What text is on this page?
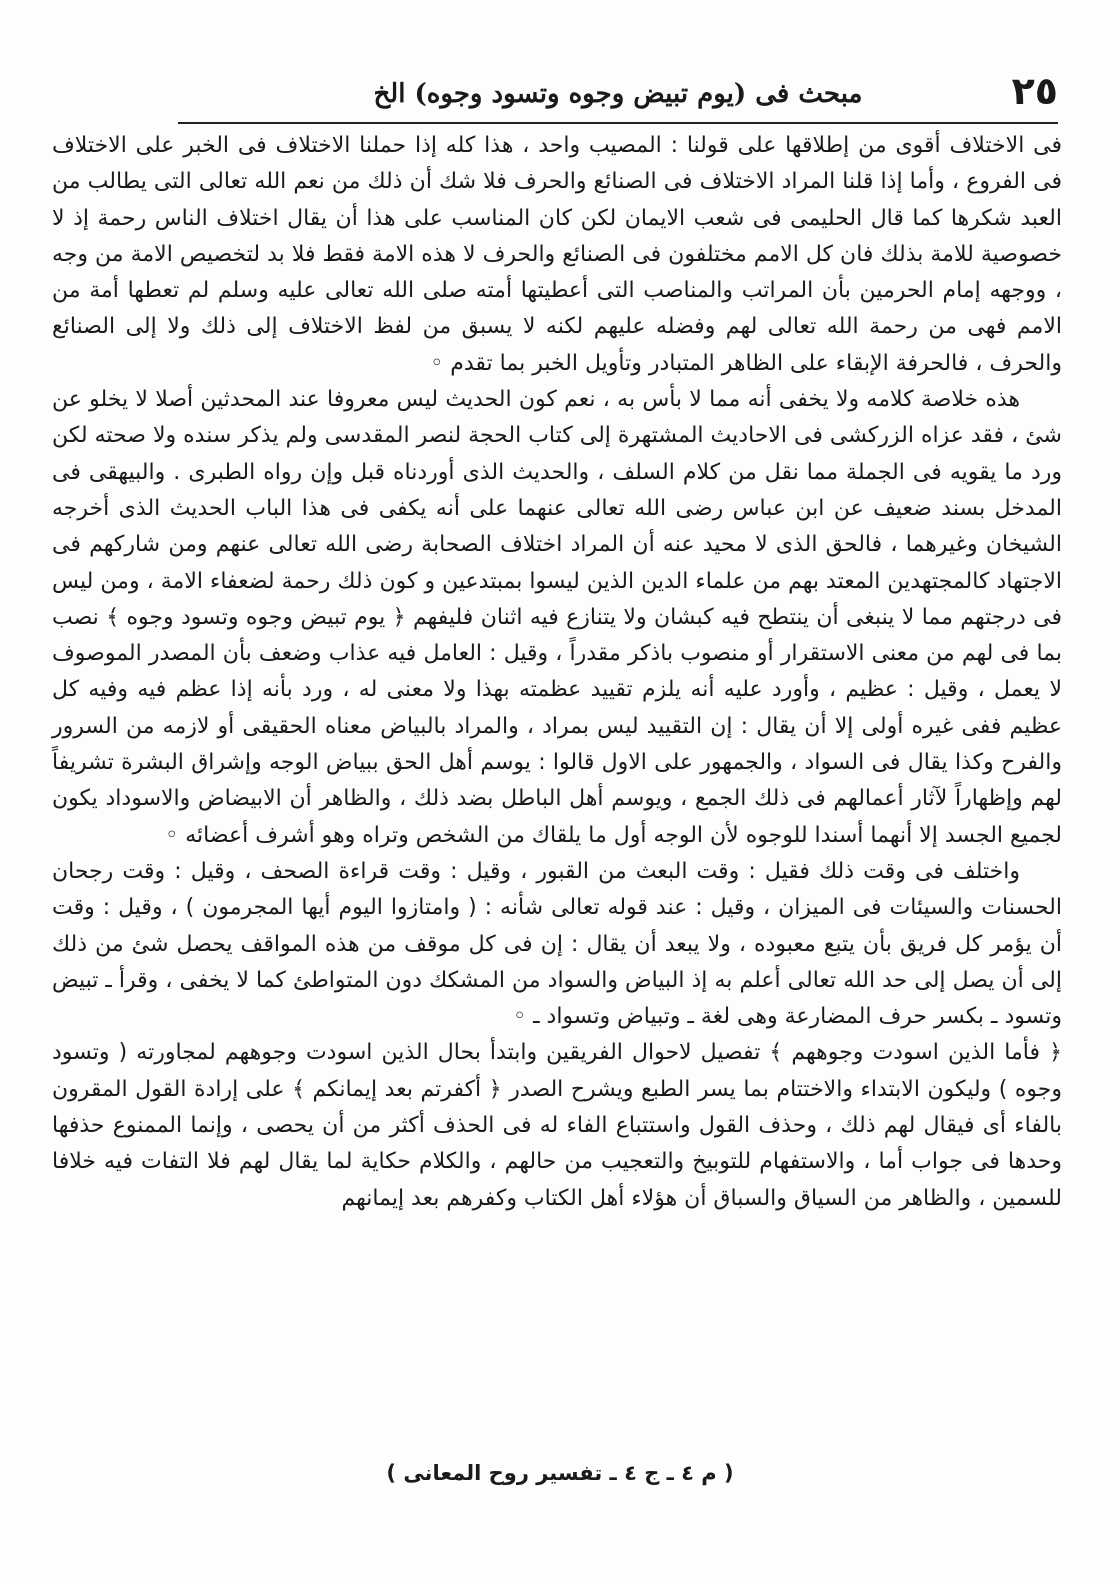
٢٥
مبحث فى (يوم تبيض وجوه وتسود وجوه) الخ

فى الاختلاف أقوى من إطلاقها على قولنا : المصيب واحد ، هذا كله إذا حملنا الاختلاف فى الخبر على الاختلاف فى الفروع ، وأما إذا قلنا المراد الاختلاف فى الصنائع والحرف فلا شك أن ذلك من نعم الله تعالى التى يطالب من العبد شكرها كما قال الحليمى فى شعب الايمان لكن كان المناسب على هذا أن يقال اختلاف الناس رحمة إذ لا خصوصية للامة بذلك فان كل الامم مختلفون فى الصنائع والحرف لا هذه الامة فقط فلا بد لتخصيص الامة من وجه ، ووجهه إمام الحرمين بأن المراتب والمناصب التى أعطيتها أمته صلى الله تعالى عليه وسلم لم تعطها أمة من الامم فهى من رحمة الله تعالى لهم وفضله عليهم لكنه لا يسبق من لفظ الاختلاف إلى ذلك ولا إلى الصنائع والحرف ، فالحرفة الإبقاء على الظاهر المتبادر وتأويل الخبر بما تقدم ◦

هذه خلاصة كلامه ولا يخفى أنه مما لا بأس به ، نعم كون الحديث ليس معروفا عند المحدثين أصلا لا يخلو عن شئ ، فقد عزاه الزركشى فى الاحاديث المشتهرة إلى كتاب الحجة لنصر المقدسى ولم يذكر سنده ولا صحته لكن ورد ما يقويه فى الجملة مما نقل من كلام السلف ، والحديث الذى أوردناه قبل وإن رواه الطبرى . والبيهقى فى المدخل بسند ضعيف عن ابن عباس رضى الله تعالى عنهما على أنه يكفى فى هذا الباب الحديث الذى أخرجه الشيخان وغيرهما ، فالحق الذى لا محيد عنه أن المراد اختلاف الصحابة رضى الله تعالى عنهم ومن شاركهم فى الاجتهاد كالمجتهدين المعتد بهم من علماء الدين الذين ليسوا بمبتدعين و كون ذلك رحمة لضعفاء الامة ، ومن ليس فى درجتهم مما لا ينبغى أن ينتطح فيه كبشان ولا يتنازع فيه اثنان فليفهم ﴿ يوم تبيض وجوه وتسود وجوه ﴾ نصب بما فى لهم من معنى الاستقرار أو منصوب باذكر مقدراً ، وقيل : العامل فيه عذاب وضعف بأن المصدر الموصوف لا يعمل ، وقيل : عظيم ، وأورد عليه أنه يلزم تقييد عظمته بهذا ولا معنى له ، ورد بأنه إذا عظم فيه وفيه كل عظيم ففى غيره أولى إلا أن يقال : إن التقييد ليس بمراد ، والمراد بالبياض معناه الحقيقى أو لازمه من السرور والفرح وكذا يقال فى السواد ، والجمهور على الاول قالوا : يوسم أهل الحق ببياض الوجه وإشراق البشرة تشريفاً لهم وإظهاراً لآثار أعمالهم فى ذلك الجمع ، ويوسم أهل الباطل بضد ذلك ، والظاهر أن الابيضاض والاسوداد يكون لجميع الجسد إلا أنهما أسندا للوجوه لأن الوجه أول ما يلقاك من الشخص وتراه وهو أشرف أعضائه ◦

واختلف فى وقت ذلك فقيل : وقت البعث من القبور ، وقيل : وقت قراءة الصحف ، وقيل : وقت رجحان الحسنات والسيئات فى الميزان ، وقيل : عند قوله تعالى شأنه : ( وامتازوا اليوم أيها المجرمون ) ، وقيل : وقت أن يؤمر كل فريق بأن يتبع معبوده ، ولا يبعد أن يقال : إن فى كل موقف من هذه المواقف يحصل شئ من ذلك إلى أن يصل إلى حد الله تعالى أعلم به إذ البياض والسواد من المشكك دون المتواطئ كما لا يخفى ، وقرأ ـ تبيض وتسود ـ بكسر حرف المضارعة وهى لغة ـ وتبياض وتسواد ـ ◦

﴿ فأما الذين اسودت وجوههم ﴾ تفصيل لاحوال الفريقين وابتدأ بحال الذين اسودت وجوههم لمجاورته ( وتسود وجوه ) وليكون الابتداء والاختتام بما يسر الطبع ويشرح الصدر ﴿ أكفرتم بعد إيمانكم ﴾ على إرادة القول المقرون بالفاء أى فيقال لهم ذلك ، وحذف القول واستتباع الفاء له فى الحذف أكثر من أن يحصى ، وإنما الممنوع حذفها وحدها فى جواب أما ، والاستفهام للتوبيخ والتعجيب من حالهم ، والكلام حكاية لما يقال لهم فلا التفات فيه خلافا للسمين ، والظاهر من السياق والسباق أن هؤلاء أهل الكتاب وكفرهم بعد إيمانهم

( م ٤ ـ ج ٤ ـ تفسير روح المعانى )
